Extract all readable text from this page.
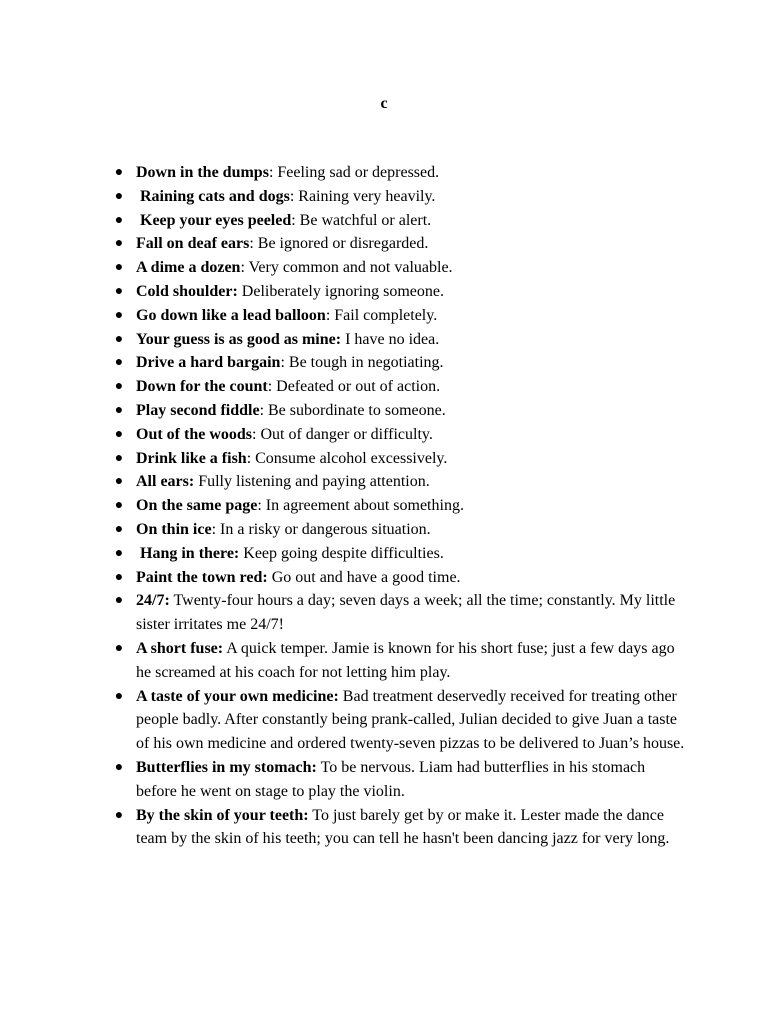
c
● Down in the dumps: Feeling sad or depressed.
● Raining cats and dogs: Raining very heavily.
● Keep your eyes peeled: Be watchful or alert.
● Fall on deaf ears: Be ignored or disregarded.
● A dime a dozen: Very common and not valuable.
● Cold shoulder: Deliberately ignoring someone.
● Go down like a lead balloon: Fail completely.
● Your guess is as good as mine: I have no idea.
● Drive a hard bargain: Be tough in negotiating.
● Down for the count: Defeated or out of action.
● Play second fiddle: Be subordinate to someone.
● Out of the woods: Out of danger or difficulty.
● Drink like a fish: Consume alcohol excessively.
● All ears: Fully listening and paying attention.
● On the same page: In agreement about something.
● On thin ice: In a risky or dangerous situation.
● Hang in there: Keep going despite difficulties.
● Paint the town red: Go out and have a good time.
● 24/7: Twenty-four hours a day; seven days a week; all the time; constantly. My little sister irritates me 24/7!
● A short fuse: A quick temper. Jamie is known for his short fuse; just a few days ago he screamed at his coach for not letting him play.
● A taste of your own medicine: Bad treatment deservedly received for treating other people badly. After constantly being prank-called, Julian decided to give Juan a taste of his own medicine and ordered twenty-seven pizzas to be delivered to Juan’s house.
● Butterflies in my stomach: To be nervous. Liam had butterflies in his stomach before he went on stage to play the violin.
● By the skin of your teeth: To just barely get by or make it. Lester made the dance team by the skin of his teeth; you can tell he hasn't been dancing jazz for very long.
